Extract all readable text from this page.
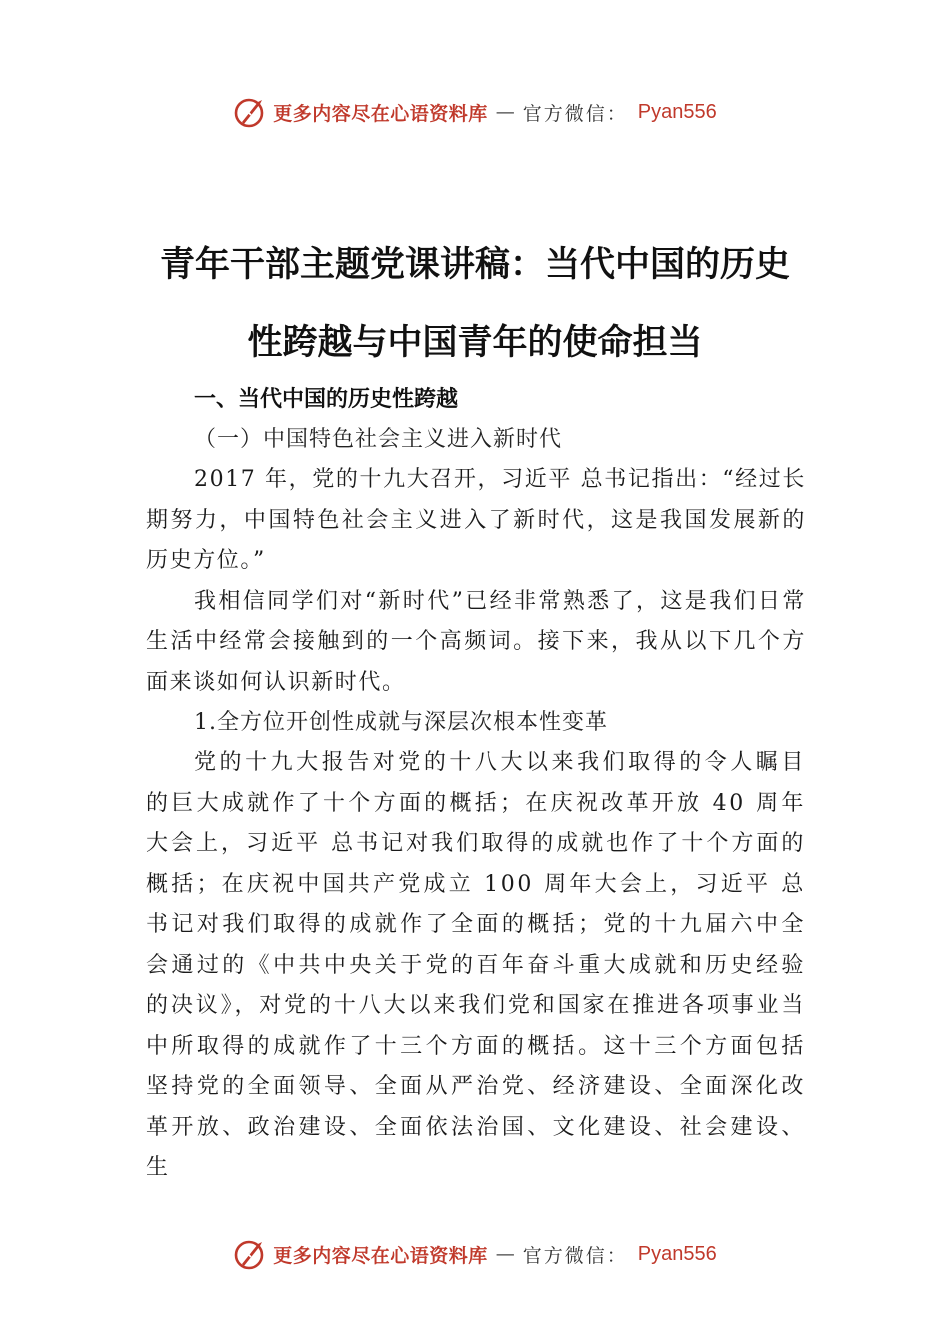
更多内容尽在心语资料库 — 官方微信： Pyan556
青年干部主题党课讲稿：当代中国的历史
性跨越与中国青年的使命担当

一、当代中国的历史性跨越

（一）中国特色社会主义进入新时代

2017 年，党的十九大召开，习近平 总书记指出：“经过长期努力，中国特色社会主义进入了新时代，这是我国发展新的历史方位。”

我相信同学们对“新时代”已经非常熟悉了，这是我们日常生活中经常会接触到的一个高频词。接下来，我从以下几个方面来谈如何认识新时代。

1.全方位开创性成就与深层次根本性变革

党的十九大报告对党的十八大以来我们取得的令人瞩目的巨大成就作了十个方面的概括；在庆祝改革开放 40 周年大会上，习近平 总书记对我们取得的成就也作了十个方面的概括；在庆祝中国共产党成立 100 周年大会上，习近平 总书记对我们取得的成就作了全面的概括；党的十九届六中全会通过的《中共中央关于党的百年奋斗重大成就和历史经验的决议》，对党的十八大以来我们党和国家在推进各项事业当中所取得的成就作了十三个方面的概括。这十三个方面包括坚持党的全面领导、全面从严治党、经济建设、全面深化改革开放、政治建设、全面依法治国、文化建设、社会建设、生

更多内容尽在心语资料库 — 官方微信： Pyan556
